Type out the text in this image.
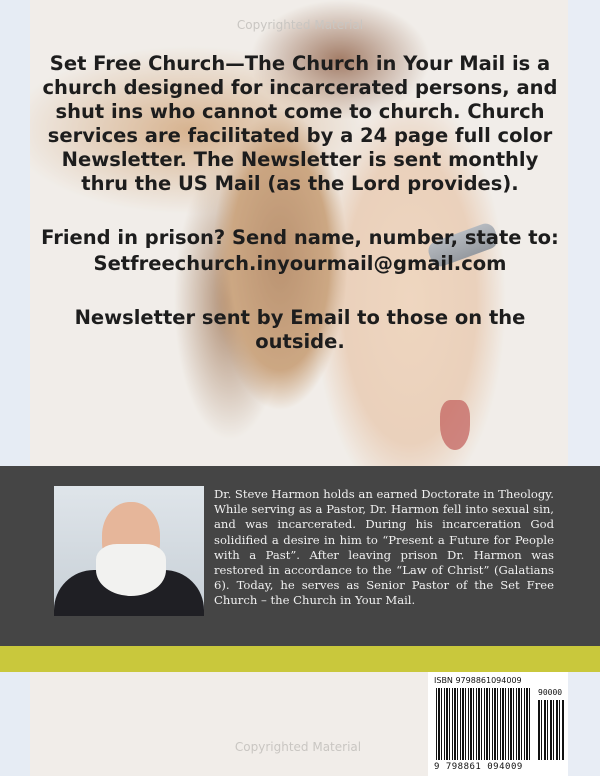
Copyrighted Material

Set Free Church—The Church in Your Mail is a church designed for incarcerated persons, and shut ins who cannot come to church. Church services are facilitated by a 24 page full color Newsletter. The Newsletter is sent monthly thru the US Mail (as the Lord provides).

Friend in prison? Send name, number, state to:

Setfreechurch.inyourmail@gmail.com

Newsletter sent by Email to those on the outside.

Dr. Steve Harmon holds an earned Doctorate in Theology. While serving as a Pastor, Dr. Harmon fell into sexual sin, and was incarcerated. During his incarceration God solidified a desire in him to “Present a Future for People with a Past”. After leaving prison Dr. Harmon was restored in accordance to the “Law of Christ” (Galatians 6). Today, he serves as Senior Pastor of the Set Free Church – the Church in Your Mail.
ISBN 9798861094009
90000
9 798861 094009
Copyrighted Material
